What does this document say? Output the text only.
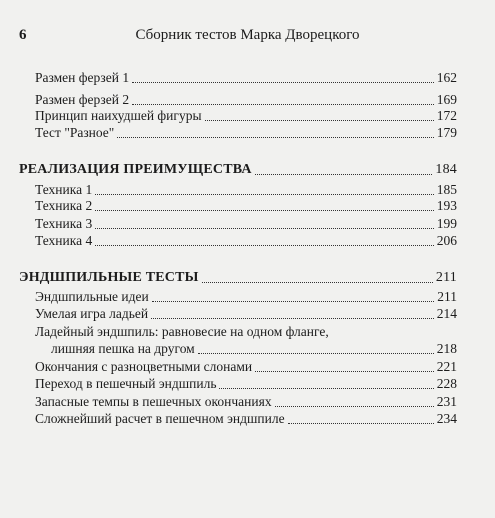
6	Сборник тестов Марка Дворецкого
Размен ферзей 1	162
Размен ферзей 2	169
Принцип наихудшей фигуры	172
Тест "Разное"	179
РЕАЛИЗАЦИЯ ПРЕИМУЩЕСТВА	184
Техника 1	185
Техника 2	193
Техника 3	199
Техника 4	206
ЭНДШПИЛЬНЫЕ ТЕСТЫ	211
Эндшпильные идеи	211
Умелая игра ладьей	214
Ладейный эндшпиль: равновесие на одном фланге,
лишняя пешка на другом	218
Окончания с разноцветными слонами	221
Переход в пешечный эндшпиль	228
Запасные темпы в пешечных окончаниях	231
Сложнейший расчет в пешечном эндшпиле	234
